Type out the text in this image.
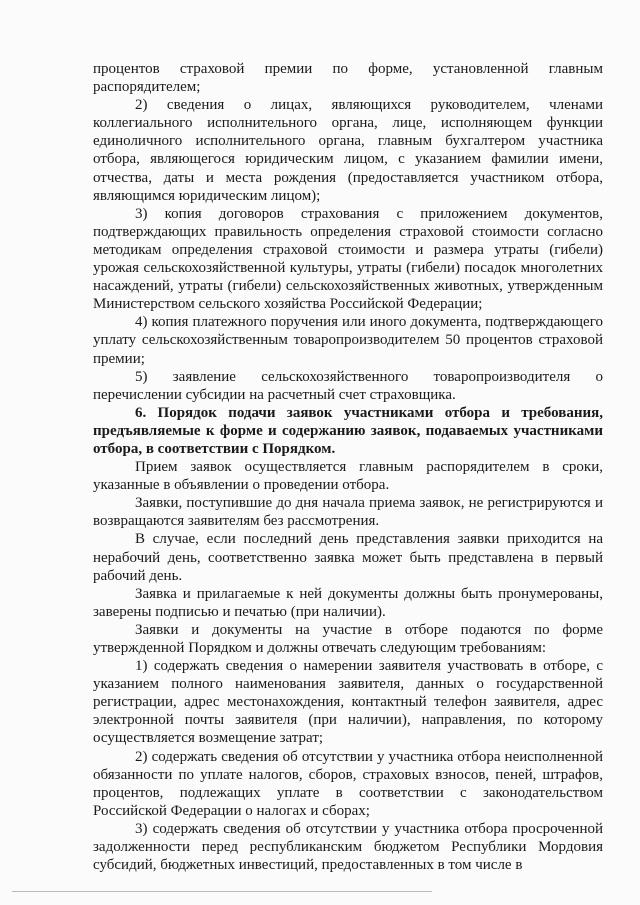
процентов страховой премии по форме, установленной главным распорядителем;

2) сведения о лицах, являющихся руководителем, членами коллегиального исполнительного органа, лице, исполняющем функции единоличного исполнительного органа, главным бухгалтером участника отбора, являющегося юридическим лицом, с указанием фамилии имени, отчества, даты и места рождения (предоставляется участником отбора, являющимся юридическим лицом);

3) копия договоров страхования с приложением документов, подтверждающих правильность определения страховой стоимости согласно методикам определения страховой стоимости и размера утраты (гибели) урожая сельскохозяйственной культуры, утраты (гибели) посадок многолетних насаждений, утраты (гибели) сельскохозяйственных животных, утвержденным Министерством сельского хозяйства Российской Федерации;

4) копия платежного поручения или иного документа, подтверждающего уплату сельскохозяйственным товаропроизводителем 50 процентов страховой премии;

5) заявление сельскохозяйственного товаропроизводителя о перечислении субсидии на расчетный счет страховщика.

6. Порядок подачи заявок участниками отбора и требования, предъявляемые к форме и содержанию заявок, подаваемых участниками отбора, в соответствии с Порядком.

Прием заявок осуществляется главным распорядителем в сроки, указанные в объявлении о проведении отбора.

Заявки, поступившие до дня начала приема заявок, не регистрируются и возвращаются заявителям без рассмотрения.

В случае, если последний день представления заявки приходится на нерабочий день, соответственно заявка может быть представлена в первый рабочий день.

Заявка и прилагаемые к ней документы должны быть пронумерованы, заверены подписью и печатью (при наличии).

Заявки и документы на участие в отборе подаются по форме утвержденной Порядком и должны отвечать следующим требованиям:

1) содержать сведения о намерении заявителя участвовать в отборе, с указанием полного наименования заявителя, данных о государственной регистрации, адрес местонахождения, контактный телефон заявителя, адрес электронной почты заявителя (при наличии), направления, по которому осуществляется возмещение затрат;

2) содержать сведения об отсутствии у участника отбора неисполненной обязанности по уплате налогов, сборов, страховых взносов, пеней, штрафов, процентов, подлежащих уплате в соответствии с законодательством Российской Федерации о налогах и сборах;

3) содержать сведения об отсутствии у участника отбора просроченной задолженности перед республиканским бюджетом Республики Мордовия субсидий, бюджетных инвестиций, предоставленных в том числе в
